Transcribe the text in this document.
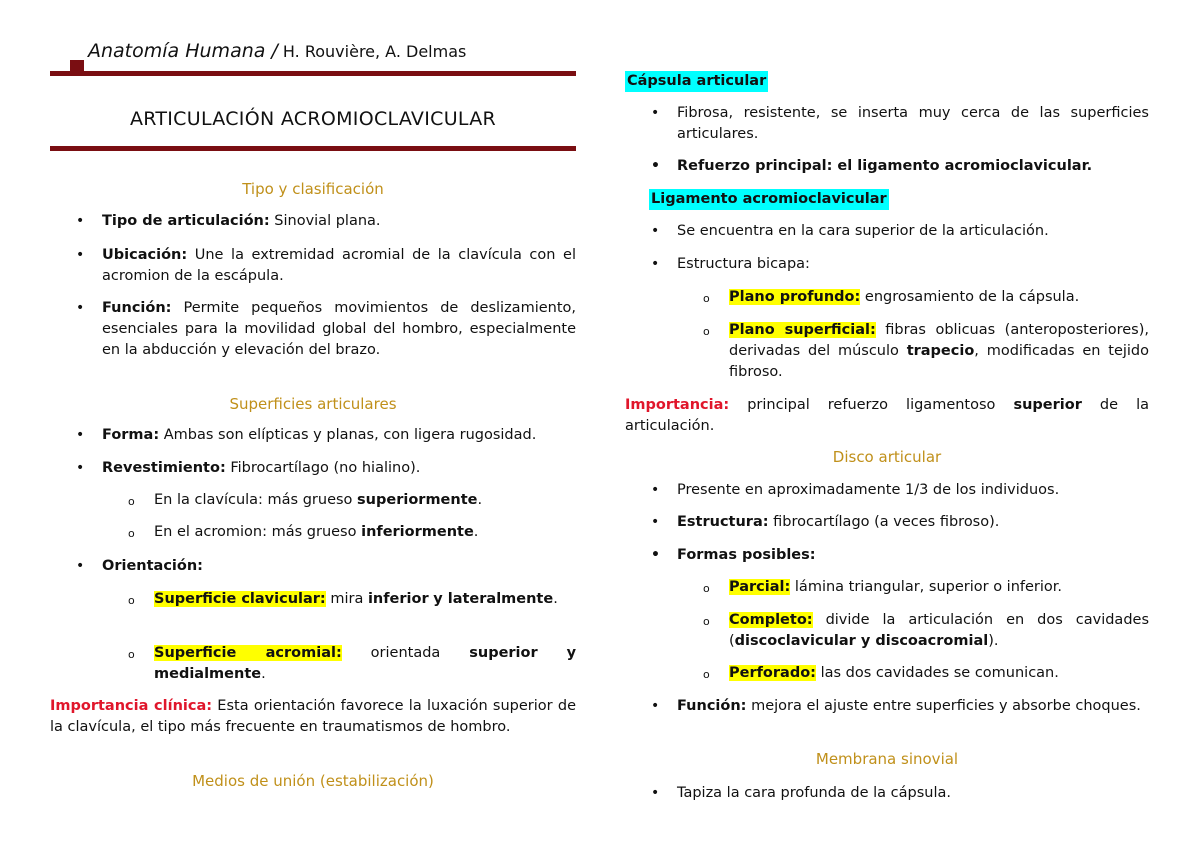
Anatomía Humana / H. Rouvière, A. Delmas
ARTICULACIÓN ACROMIOCLAVICULAR
Tipo y clasificación
• Tipo de articulación: Sinovial plana.
• Ubicación: Une la extremidad acromial de la clavícula con el acromion de la escápula.
• Función: Permite pequeños movimientos de deslizamiento, esenciales para la movilidad global del hombro, especialmente en la abducción y elevación del brazo.
Superficies articulares
• Forma: Ambas son elípticas y planas, con ligera rugosidad.
• Revestimiento: Fibrocartílago (no hialino).
o En la clavícula: más grueso superiormente.
o En el acromion: más grueso inferiormente.
• Orientación:
o Superficie clavicular: mira inferior y lateralmente.
o Superficie acromial: orientada superior y medialmente.
Importancia clínica: Esta orientación favorece la luxación superior de la clavícula, el tipo más frecuente en traumatismos de hombro.
Medios de unión (estabilización)
Cápsula articular
• Fibrosa, resistente, se inserta muy cerca de las superficies articulares.
• Refuerzo principal: el ligamento acromioclavicular.
Ligamento acromioclavicular
• Se encuentra en la cara superior de la articulación.
• Estructura bicapa:
o Plano profundo: engrosamiento de la cápsula.
o Plano superficial: fibras oblicuas (anteroposteriores), derivadas del músculo trapecio, modificadas en tejido fibroso.
Importancia: principal refuerzo ligamentoso superior de la articulación.
Disco articular
• Presente en aproximadamente 1/3 de los individuos.
• Estructura: fibrocartílago (a veces fibroso).
• Formas posibles:
o Parcial: lámina triangular, superior o inferior.
o Completo: divide la articulación en dos cavidades (discoclavicular y discoacromial).
o Perforado: las dos cavidades se comunican.
• Función: mejora el ajuste entre superficies y absorbe choques.
Membrana sinovial
• Tapiza la cara profunda de la cápsula.
